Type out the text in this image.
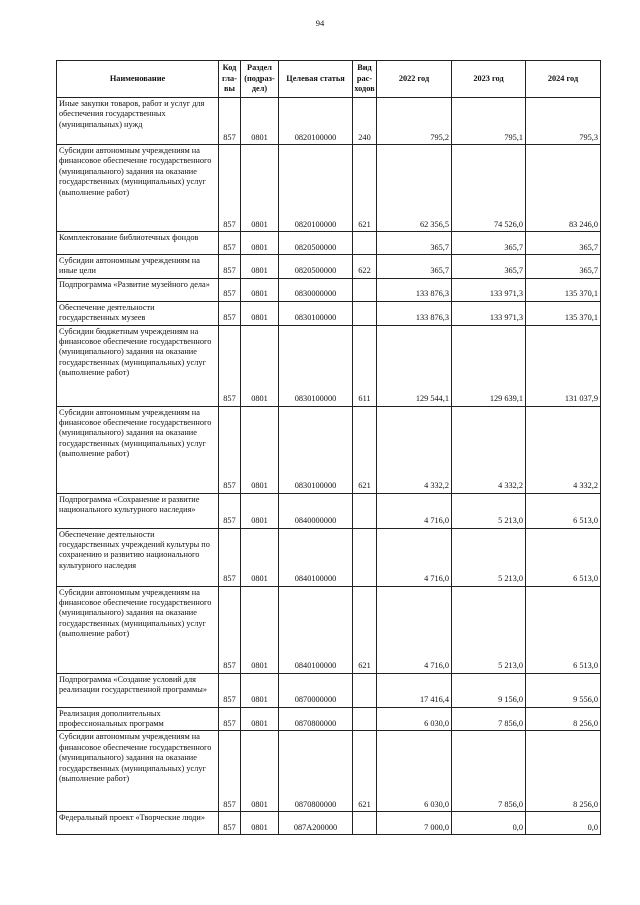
94
Наименование	Код гла-вы	Раздел (подраз-дел)	Целевая статья	Вид рас-ходов	2022 год	2023 год	2024 год
Иные закупки товаров, работ и услуг для обеспечения государственных (муниципальных) нужд	857	0801	0820100000	240	795,2	795,1	795,3
Субсидии автономным учреждениям на финансовое обеспечение государственного (муниципального) задания на оказание государственных (муниципальных) услуг (выполнение работ)	857	0801	0820100000	621	62 356,5	74 526,0	83 246,0
Комплектование библиотечных фондов	857	0801	0820500000		365,7	365,7	365,7
Субсидии автономным учреждениям на иные цели	857	0801	0820500000	622	365,7	365,7	365,7
Подпрограмма «Развитие музейного дела»	857	0801	0830000000		133 876,3	133 971,3	135 370,1
Обеспечение деятельности государственных музеев	857	0801	0830100000		133 876,3	133 971,3	135 370,1
Субсидии бюджетным учреждениям на финансовое обеспечение государственного (муниципального) задания на оказание государственных (муниципальных) услуг (выполнение работ)	857	0801	0830100000	611	129 544,1	129 639,1	131 037,9
Субсидии автономным учреждениям на финансовое обеспечение государственного (муниципального) задания на оказание государственных (муниципальных) услуг (выполнение работ)	857	0801	0830100000	621	4 332,2	4 332,2	4 332,2
Подпрограмма «Сохранение и развитие национального культурного наследия»	857	0801	0840000000		4 716,0	5 213,0	6 513,0
Обеспечение деятельности государственных учреждений культуры по сохранению и развитию национального культурного наследия	857	0801	0840100000		4 716,0	5 213,0	6 513,0
Субсидии автономным учреждениям на финансовое обеспечение государственного (муниципального) задания на оказание государственных (муниципальных) услуг (выполнение работ)	857	0801	0840100000	621	4 716,0	5 213,0	6 513,0
Подпрограмма «Создание условий для реализации государственной программы»	857	0801	0870000000		17 416,4	9 156,0	9 556,0
Реализация дополнительных профессиональных программ	857	0801	0870800000		6 030,0	7 856,0	8 256,0
Субсидии автономным учреждениям на финансовое обеспечение государственного (муниципального) задания на оказание государственных (муниципальных) услуг (выполнение работ)	857	0801	0870800000	621	6 030,0	7 856,0	8 256,0
Федеральный проект «Творческие люди»	857	0801	087A200000		7 000,0	0,0	0,0
